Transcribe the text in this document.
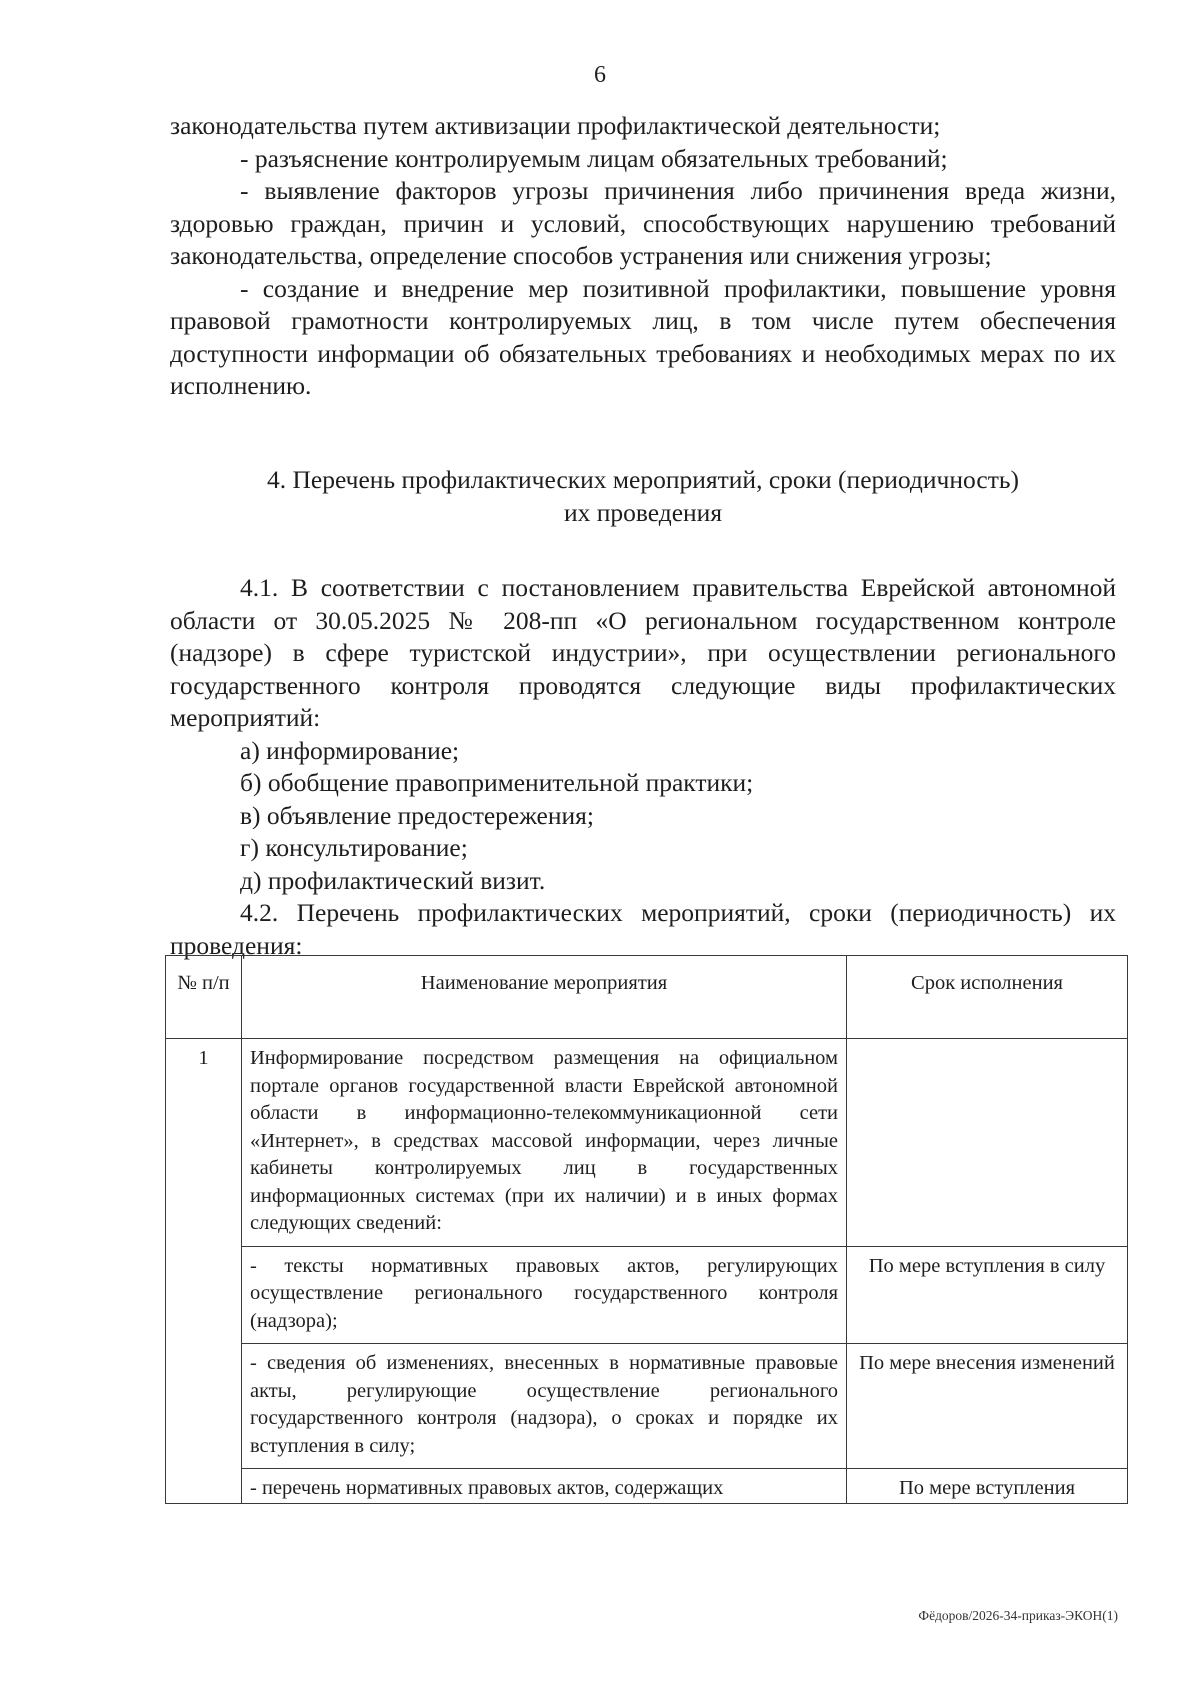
6

законодательства путем активизации профилактической деятельности;

- разъяснение контролируемым лицам обязательных требований;

- выявление факторов угрозы причинения либо причинения вреда жизни, здоровью граждан, причин и условий, способствующих нарушению требований законодательства, определение способов устранения или снижения угрозы;

- создание и внедрение мер позитивной профилактики, повышение уровня правовой грамотности контролируемых лиц, в том числе путем обеспечения доступности информации об обязательных требованиях и необходимых мерах по их исполнению.

4. Перечень профилактических мероприятий, сроки (периодичность)
их проведения

4.1. В соответствии с постановлением правительства Еврейской автономной области от 30.05.2025 № 208-пп «О региональном государственном контроле (надзоре) в сфере туристской индустрии», при осуществлении регионального государственного контроля проводятся следующие виды профилактических мероприятий:

а) информирование;

б) обобщение правоприменительной практики;

в) объявление предостережения;

г) консультирование;

д) профилактический визит.

4.2. Перечень профилактических мероприятий, сроки (периодичность) их проведения:

№ п/п	Наименование мероприятия	Срок исполнения
1	Информирование посредством размещения на официальном портале органов государственной власти Еврейской автономной области в информационно-телекоммуникационной сети «Интернет», в средствах массовой информации, через личные кабинеты контролируемых лиц в государственных информационных системах (при их наличии) и в иных формах следующих сведений:	
	- тексты нормативных правовых актов, регулирующих осуществление регионального государственного контроля (надзора);	По мере вступления в силу
	- сведения об изменениях, внесенных в нормативные правовые акты, регулирующие осуществление регионального государственного контроля (надзора), о сроках и порядке их вступления в силу;	По мере внесения изменений
	- перечень нормативных правовых актов, содержащих	По мере вступления
Фёдоров/2026-34-приказ-ЭКОН(1)
